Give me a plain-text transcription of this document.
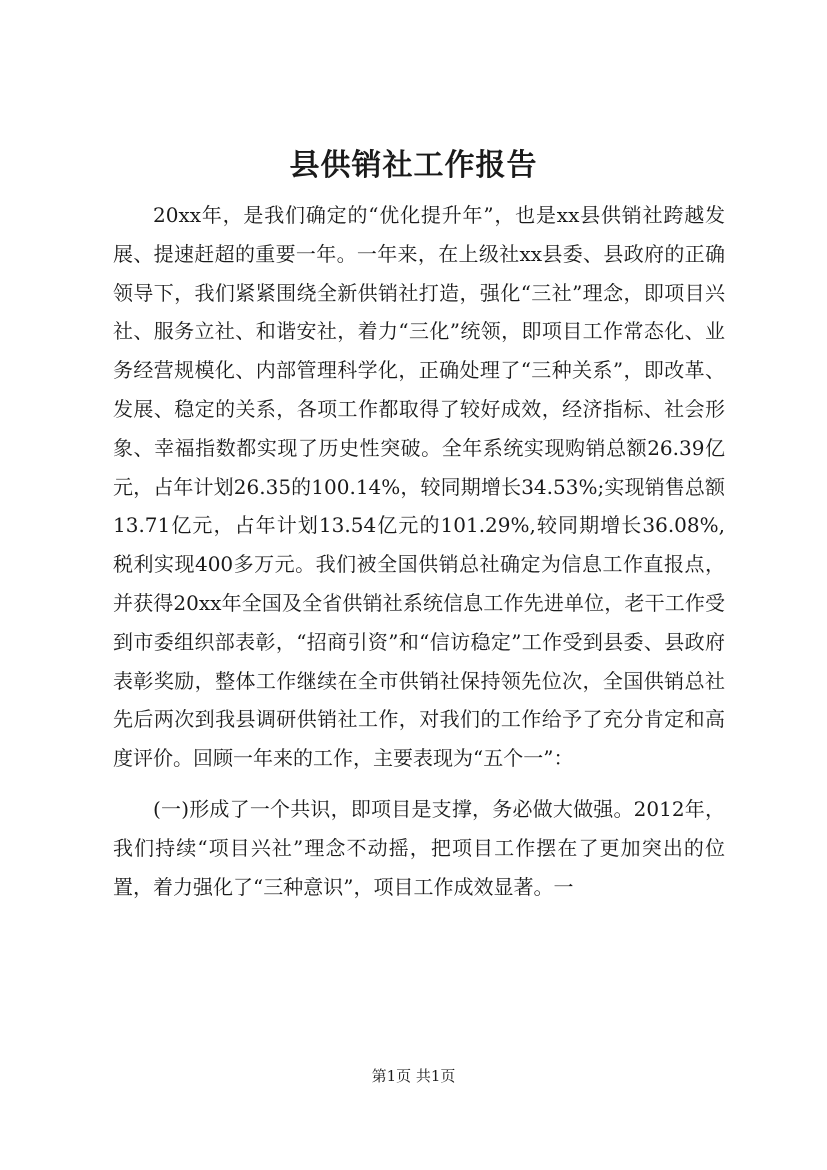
县供销社工作报告

20xx年，是我们确定的“优化提升年”，也是xx县供销社跨越发展、提速赶超的重要一年。一年来，在上级社xx县委、县政府的正确领导下，我们紧紧围绕全新供销社打造，强化“三社”理念，即项目兴社、服务立社、和谐安社，着力“三化”统领，即项目工作常态化、业务经营规模化、内部管理科学化，正确处理了“三种关系”，即改革、发展、稳定的关系，各项工作都取得了较好成效，经济指标、社会形象、幸福指数都实现了历史性突破。全年系统实现购销总额26.39亿元，占年计划26.35的100.14%，较同期增长34.53%;实现销售总额13.71亿元，占年计划13.54亿元的101.29%,较同期增长36.08%,税利实现400多万元。我们被全国供销总社确定为信息工作直报点，并获得20xx年全国及全省供销社系统信息工作先进单位，老干工作受到市委组织部表彰，“招商引资”和“信访稳定”工作受到县委、县政府表彰奖励，整体工作继续在全市供销社保持领先位次，全国供销总社先后两次到我县调研供销社工作，对我们的工作给予了充分肯定和高度评价。回顾一年来的工作，主要表现为“五个一”：

(一)形成了一个共识，即项目是支撑，务必做大做强。2012年，我们持续“项目兴社”理念不动摇，把项目工作摆在了更加突出的位置，着力强化了“三种意识”，项目工作成效显著。一

第1页 共1页
